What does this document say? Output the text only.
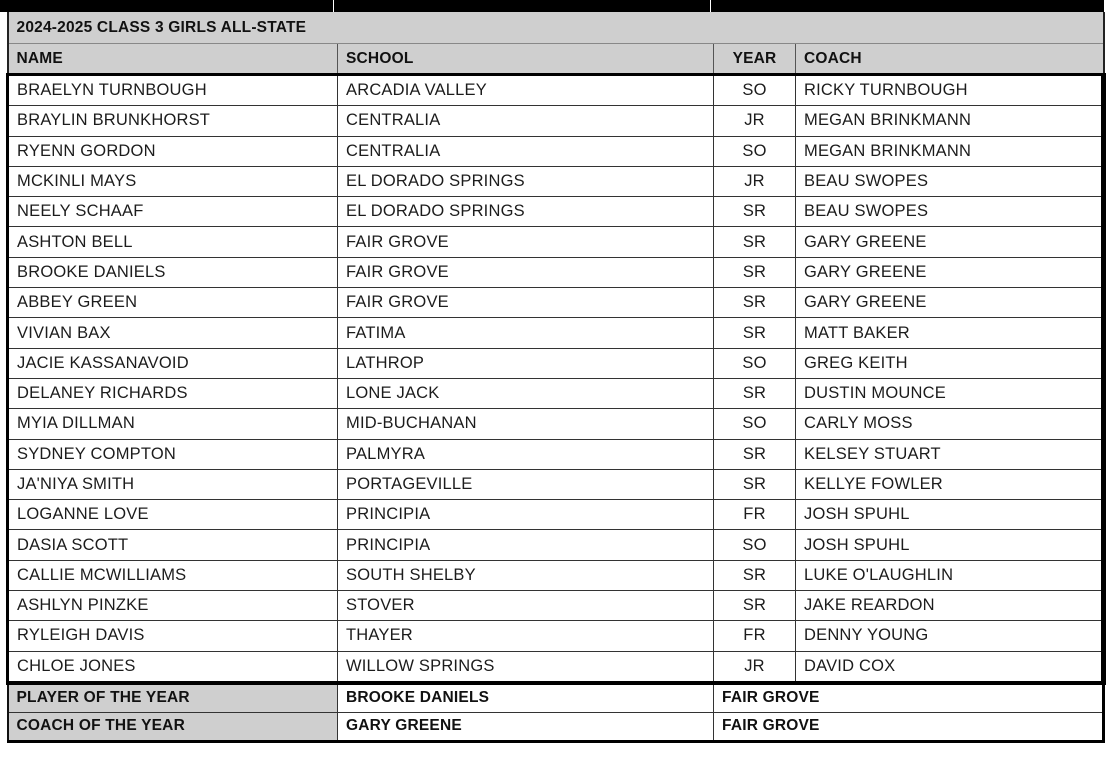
2024-2025 CLASS 3 GIRLS ALL-STATE			
NAME	SCHOOL	YEAR	COACH
BRAELYN TURNBOUGH	ARCADIA VALLEY	SO	RICKY TURNBOUGH
BRAYLIN BRUNKHORST	CENTRALIA	JR	MEGAN BRINKMANN
RYENN GORDON	CENTRALIA	SO	MEGAN BRINKMANN
MCKINLI MAYS	EL DORADO SPRINGS	JR	BEAU SWOPES
NEELY SCHAAF	EL DORADO SPRINGS	SR	BEAU SWOPES
ASHTON BELL	FAIR GROVE	SR	GARY GREENE
BROOKE DANIELS	FAIR GROVE	SR	GARY GREENE
ABBEY GREEN	FAIR GROVE	SR	GARY GREENE
VIVIAN BAX	FATIMA	SR	MATT BAKER
JACIE KASSANAVOID	LATHROP	SO	GREG KEITH
DELANEY RICHARDS	LONE JACK	SR	DUSTIN MOUNCE
MYIA DILLMAN	MID-BUCHANAN	SO	CARLY MOSS
SYDNEY COMPTON	PALMYRA	SR	KELSEY STUART
JA'NIYA SMITH	PORTAGEVILLE	SR	KELLYE FOWLER
LOGANNE LOVE	PRINCIPIA	FR	JOSH SPUHL
DASIA SCOTT	PRINCIPIA	SO	JOSH SPUHL
CALLIE MCWILLIAMS	SOUTH SHELBY	SR	LUKE O'LAUGHLIN
ASHLYN PINZKE	STOVER	SR	JAKE REARDON
RYLEIGH DAVIS	THAYER	FR	DENNY YOUNG
CHLOE JONES	WILLOW SPRINGS	JR	DAVID COX
PLAYER OF THE YEAR	BROOKE DANIELS	FAIR GROVE	
COACH OF THE YEAR	GARY GREENE	FAIR GROVE	
